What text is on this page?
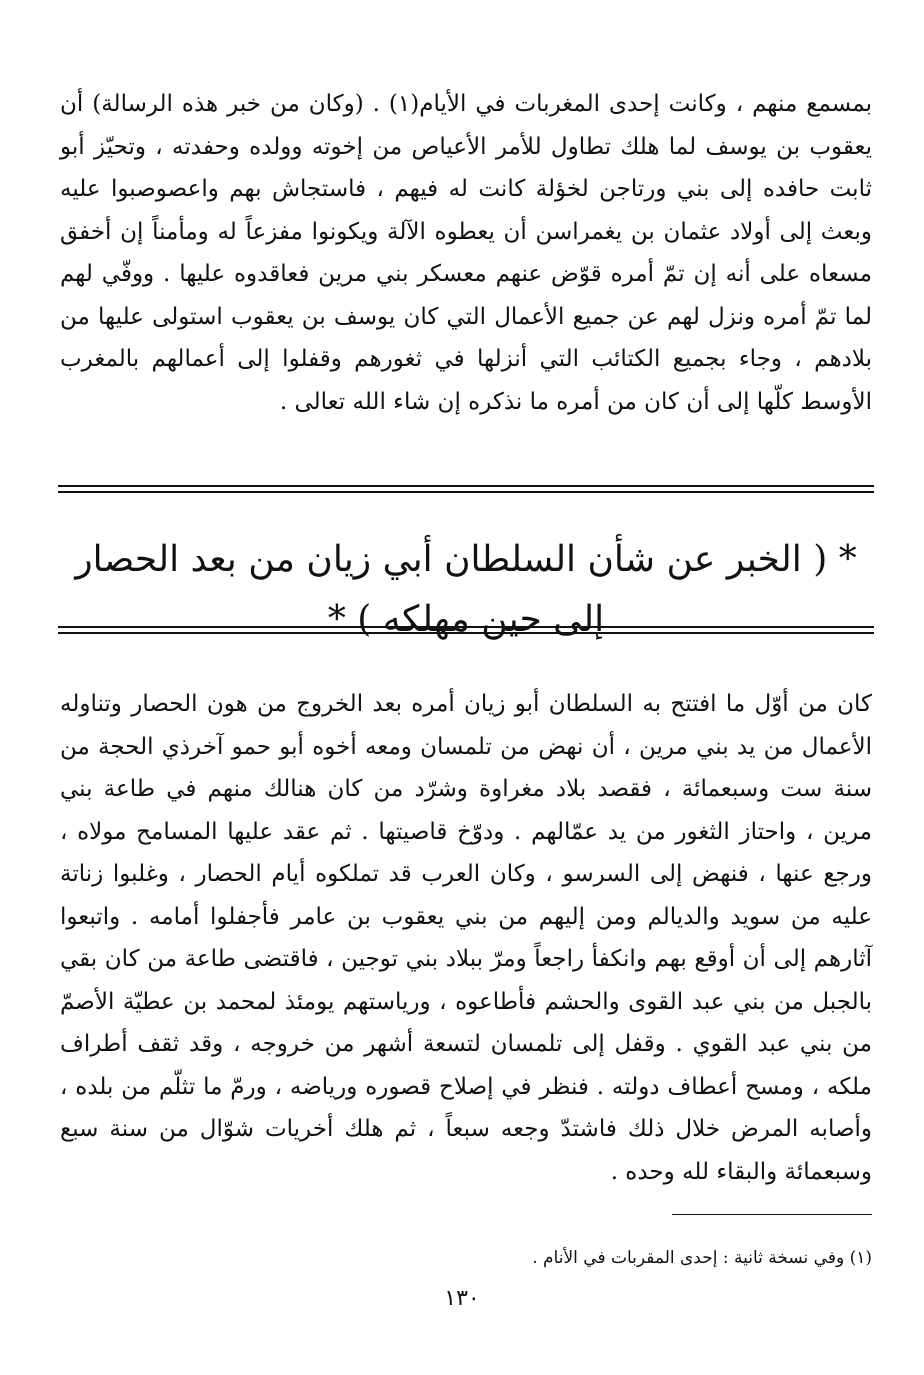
بمسمع منهم ، وكانت إحدى المغربات في الأيام(١) . (وكان من خبر هذه الرسالة) أن يعقوب بن يوسف لما هلك تطاول للأمر الأعياص من إخوته وولده وحفدته ، وتحيّز أبو ثابت حافده إلى بني ورتاجن لخؤلة كانت له فيهم ، فاستجاش بهم واعصوصبوا عليه وبعث إلى أولاد عثمان بن يغمراسن أن يعطوه الآلة ويكونوا مفزعاً له ومأمناً إن أخفق مسعاه على أنه إن تمّ أمره قوّض عنهم معسكر بني مرين فعاقدوه عليها . ووفّي لهم لما تمّ أمره ونزل لهم عن جميع الأعمال التي كان يوسف بن يعقوب استولى عليها من بلادهم ، وجاء بجميع الكتائب التي أنزلها في ثغورهم وقفلوا إلى أعمالهم بالمغرب الأوسط كلّها إلى أن كان من أمره ما نذكره إن شاء الله تعالى .

* ( الخبر عن شأن السلطان أبي زيان من بعد الحصار إلى حين مهلكه ) *

كان من أوّل ما افتتح به السلطان أبو زيان أمره بعد الخروج من هون الحصار وتناوله الأعمال من يد بني مرين ، أن نهض من تلمسان ومعه أخوه أبو حمو آخرذي الحجة من سنة ست وسبعمائة ، فقصد بلاد مغراوة وشرّد من كان هنالك منهم في طاعة بني مرين ، واحتاز الثغور من يد عمّالهم . ودوّخ قاصيتها . ثم عقد عليها المسامح مولاه ، ورجع عنها ، فنهض إلى السرسو ، وكان العرب قد تملكوه أيام الحصار ، وغلبوا زناتة عليه من سويد والديالم ومن إليهم من بني يعقوب بن عامر فأجفلوا أمامه . واتبعوا آثارهم إلى أن أوقع بهم وانكفأ راجعاً ومرّ ببلاد بني توجين ، فاقتضى طاعة من كان بقي بالجبل من بني عبد القوى والحشم فأطاعوه ، ورياستهم يومئذ لمحمد بن عطيّة الأصمّ من بني عبد القوي . وقفل إلى تلمسان لتسعة أشهر من خروجه ، وقد ثقف أطراف ملكه ، ومسح أعطاف دولته . فنظر في إصلاح قصوره ورياضه ، ورمّ ما تثلّم من بلده ، وأصابه المرض خلال ذلك فاشتدّ وجعه سبعاً ، ثم هلك أخريات شوّال من سنة سبع وسبعمائة والبقاء لله وحده .

(١) وفي نسخة ثانية : إحدى المقربات في الأنام .

١٣٠
